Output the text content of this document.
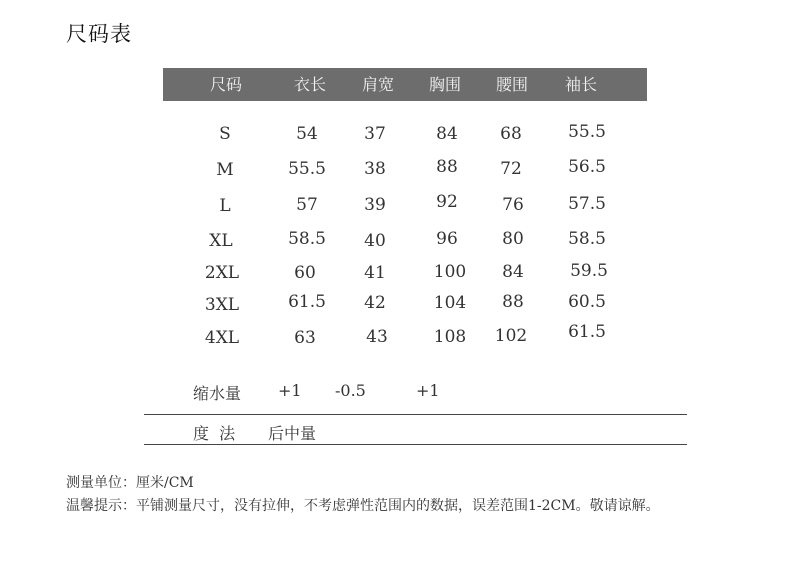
尺码表
尺码	衣长 肩宽 胸围 腰围 袖长
S	54	37	84 68	55.5
M	55.5 38	88 72	56.5
L	57	39	92	76	57.5
XL	58.5 40	96	80	58.5
2XL	60	41	100 84	59.5
3XL	61.5 42	104 88	60.5
4XL	63	43	108 102 61.5
缩水量 +1 -0.5	+1
度  法 后中量
测量单位：厘米/CM
温馨提示：平铺测量尺寸，没有拉伸，不考虑弹性范围内的数据，误差范围1-2CM。敬请谅解。
